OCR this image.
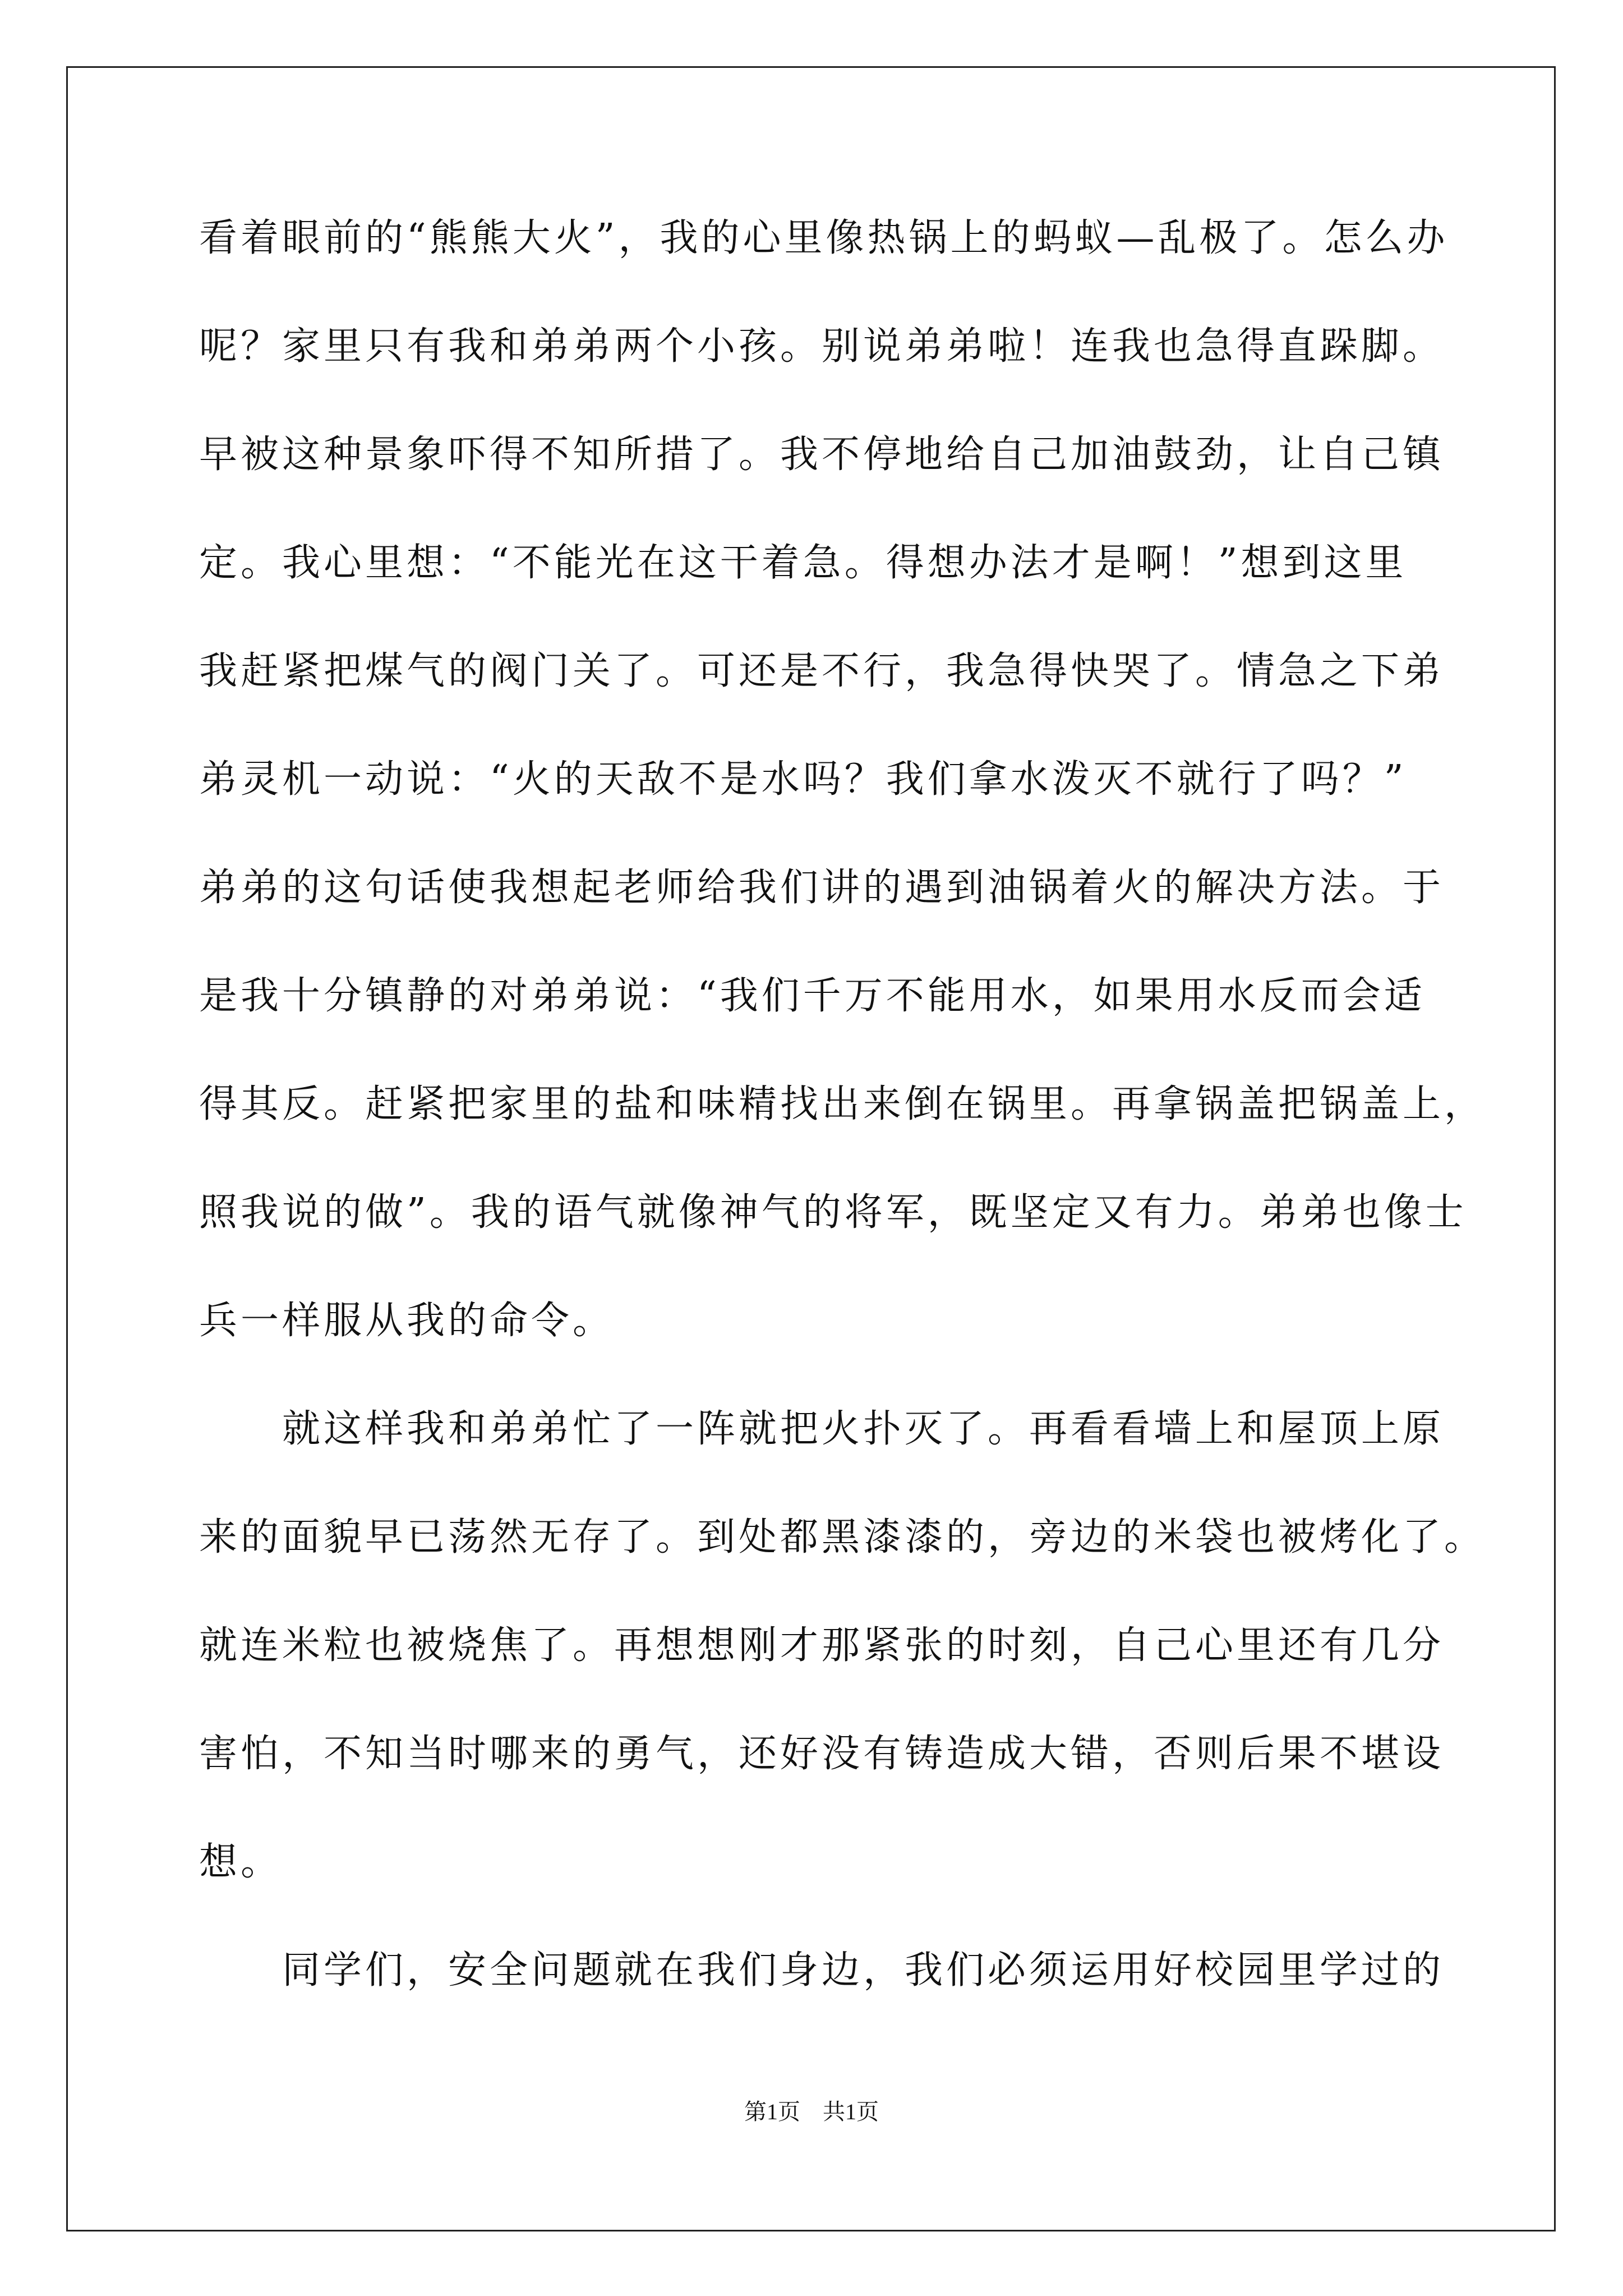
看着眼前的“熊熊大火”，我的心里像热锅上的蚂蚁—乱极了。怎么办
呢？家里只有我和弟弟两个小孩。别说弟弟啦！连我也急得直跺脚。
早被这种景象吓得不知所措了。我不停地给自己加油鼓劲，让自己镇
定。我心里想：“不能光在这干着急。得想办法才是啊！”想到这里
我赶紧把煤气的阀门关了。可还是不行，我急得快哭了。情急之下弟
弟灵机一动说：“火的天敌不是水吗？我们拿水泼灭不就行了吗？”
弟弟的这句话使我想起老师给我们讲的遇到油锅着火的解决方法。于
是我十分镇静的对弟弟说：“我们千万不能用水，如果用水反而会适
得其反。赶紧把家里的盐和味精找出来倒在锅里。再拿锅盖把锅盖上，
照我说的做”。我的语气就像神气的将军，既坚定又有力。弟弟也像士
兵一样服从我的命令。
就这样我和弟弟忙了一阵就把火扑灭了。再看看墙上和屋顶上原
来的面貌早已荡然无存了。到处都黑漆漆的，旁边的米袋也被烤化了。
就连米粒也被烧焦了。再想想刚才那紧张的时刻，自己心里还有几分
害怕，不知当时哪来的勇气，还好没有铸造成大错，否则后果不堪设
想。
同学们，安全问题就在我们身边，我们必须运用好校园里学过的
第1页　共1页
